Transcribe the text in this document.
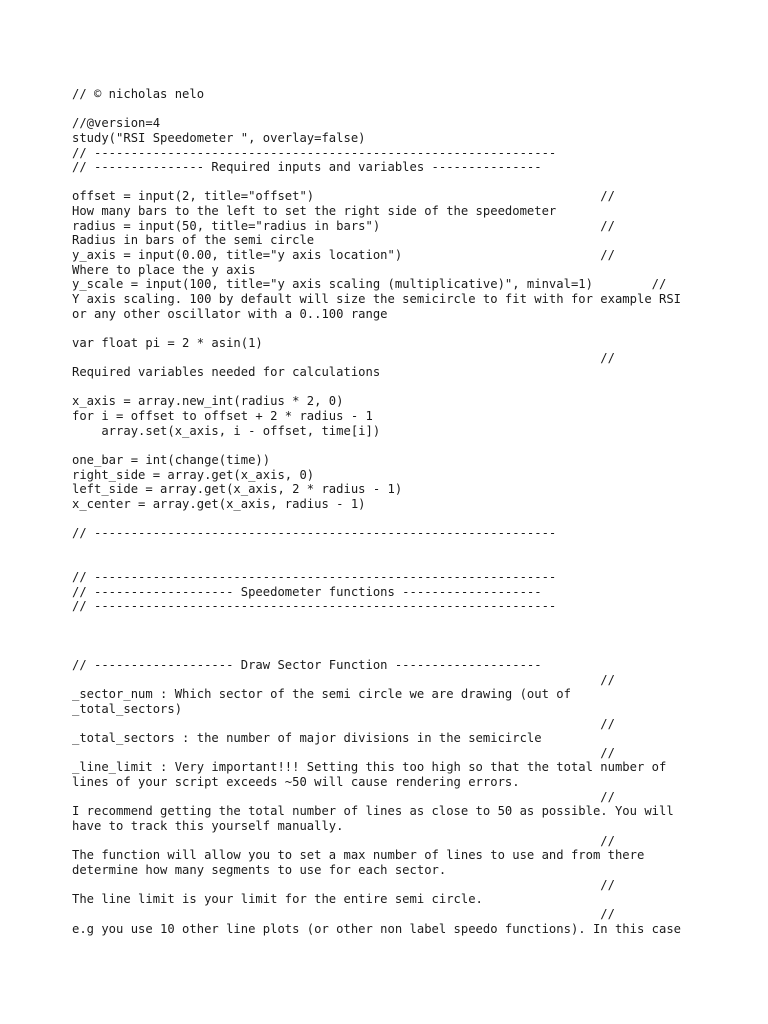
// © nicholas nelo
//@version=4
study("RSI Speedometer ", overlay=false)
// ---------------------------------------------------------------
// --------------- Required inputs and variables ---------------
offset = input(2, title="offset")                                       //
How many bars to the left to set the right side of the speedometer
radius = input(50, title="radius in bars")                              //
Radius in bars of the semi circle
y_axis = input(0.00, title="y axis location")                           //
Where to place the y axis
y_scale = input(100, title="y axis scaling (multiplicative)", minval=1)        //
Y axis scaling. 100 by default will size the semicircle to fit with for example RSI
or any other oscillator with a 0..100 range
var float pi = 2 * asin(1)
//
Required variables needed for calculations
x_axis = array.new_int(radius * 2, 0)
for i = offset to offset + 2 * radius - 1
array.set(x_axis, i - offset, time[i])
one_bar = int(change(time))
right_side = array.get(x_axis, 0)
left_side = array.get(x_axis, 2 * radius - 1)
x_center = array.get(x_axis, radius - 1)
// ---------------------------------------------------------------
// ---------------------------------------------------------------
// ------------------- Speedometer functions -------------------
// ---------------------------------------------------------------
// ------------------- Draw Sector Function --------------------
//
_sector_num : Which sector of the semi circle we are drawing (out of
_total_sectors)
//
_total_sectors : the number of major divisions in the semicircle
//
_line_limit : Very important!!! Setting this too high so that the total number of
lines of your script exceeds ~50 will cause rendering errors.
//
I recommend getting the total number of lines as close to 50 as possible. You will
have to track this yourself manually.
//
The function will allow you to set a max number of lines to use and from there
determine how many segments to use for each sector.
//
The line limit is your limit for the entire semi circle.
//
e.g you use 10 other line plots (or other non label speedo functions). In this case
